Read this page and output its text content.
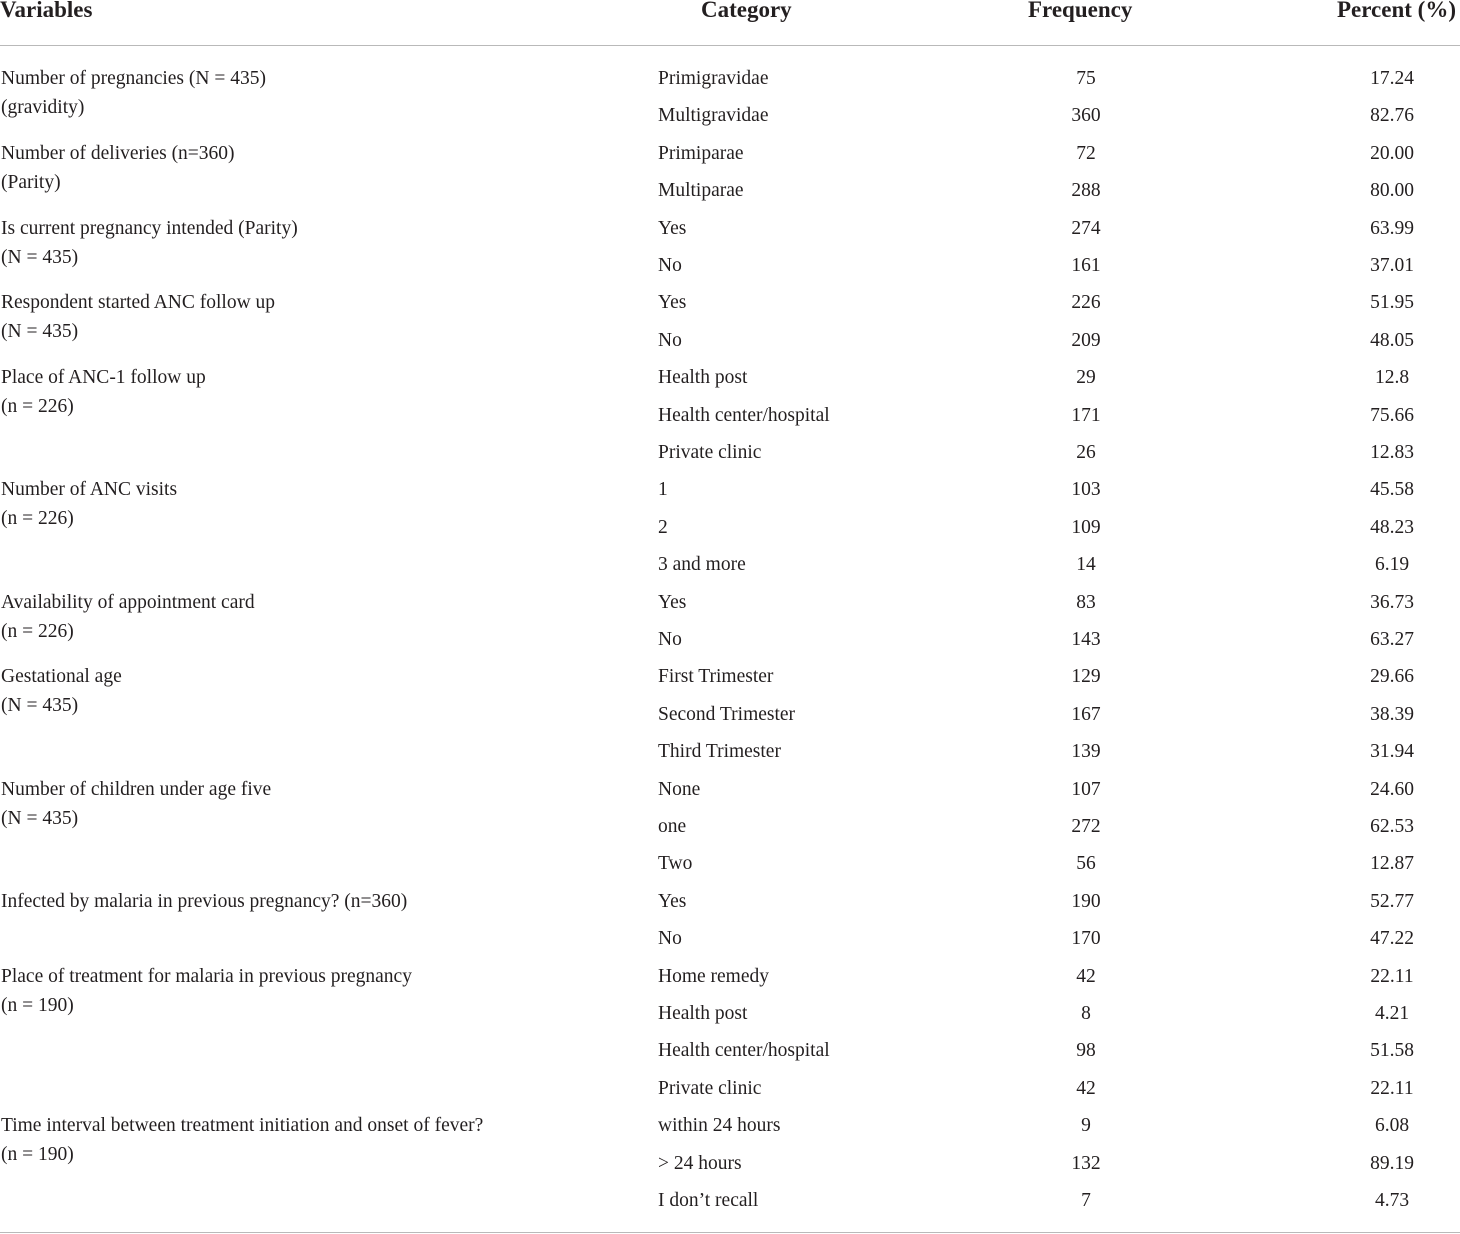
Variables	Category	Frequency	Percent (%)
Number of pregnancies (N = 435)
(gravidity)
Primigravidae	75	17.24
Multigravidae	360	82.76
Number of deliveries (n=360)
(Parity)
Primiparae	72	20.00
Multiparae	288	80.00
Is current pregnancy intended (Parity)
(N = 435)
Yes	274	63.99
No	161	37.01
Respondent started ANC follow up
(N = 435)
Yes	226	51.95
No	209	48.05
Place of ANC-1 follow up
(n = 226)
Health post	29	12.8
Health center/hospital	171	75.66
Private clinic	26	12.83
Number of ANC visits
(n = 226)
1	103	45.58
2	109	48.23
3 and more	14	6.19
Availability of appointment card
(n = 226)
Yes	83	36.73
No	143	63.27
Gestational age
(N = 435)
First Trimester	129	29.66
Second Trimester	167	38.39
Third Trimester	139	31.94
Number of children under age five
(N = 435)
None	107	24.60
one	272	62.53
Two	56	12.87
Infected by malaria in previous pregnancy? (n=360)	Yes	190	52.77
No	170	47.22
Place of treatment for malaria in previous pregnancy
(n = 190)
Home remedy	42	22.11
Health post	8	4.21
Health center/hospital	98	51.58
Private clinic	42	22.11
Time interval between treatment initiation and onset of fever?
(n = 190)
within 24 hours	9	6.08
> 24 hours	132	89.19
I don’t recall	7	4.73
